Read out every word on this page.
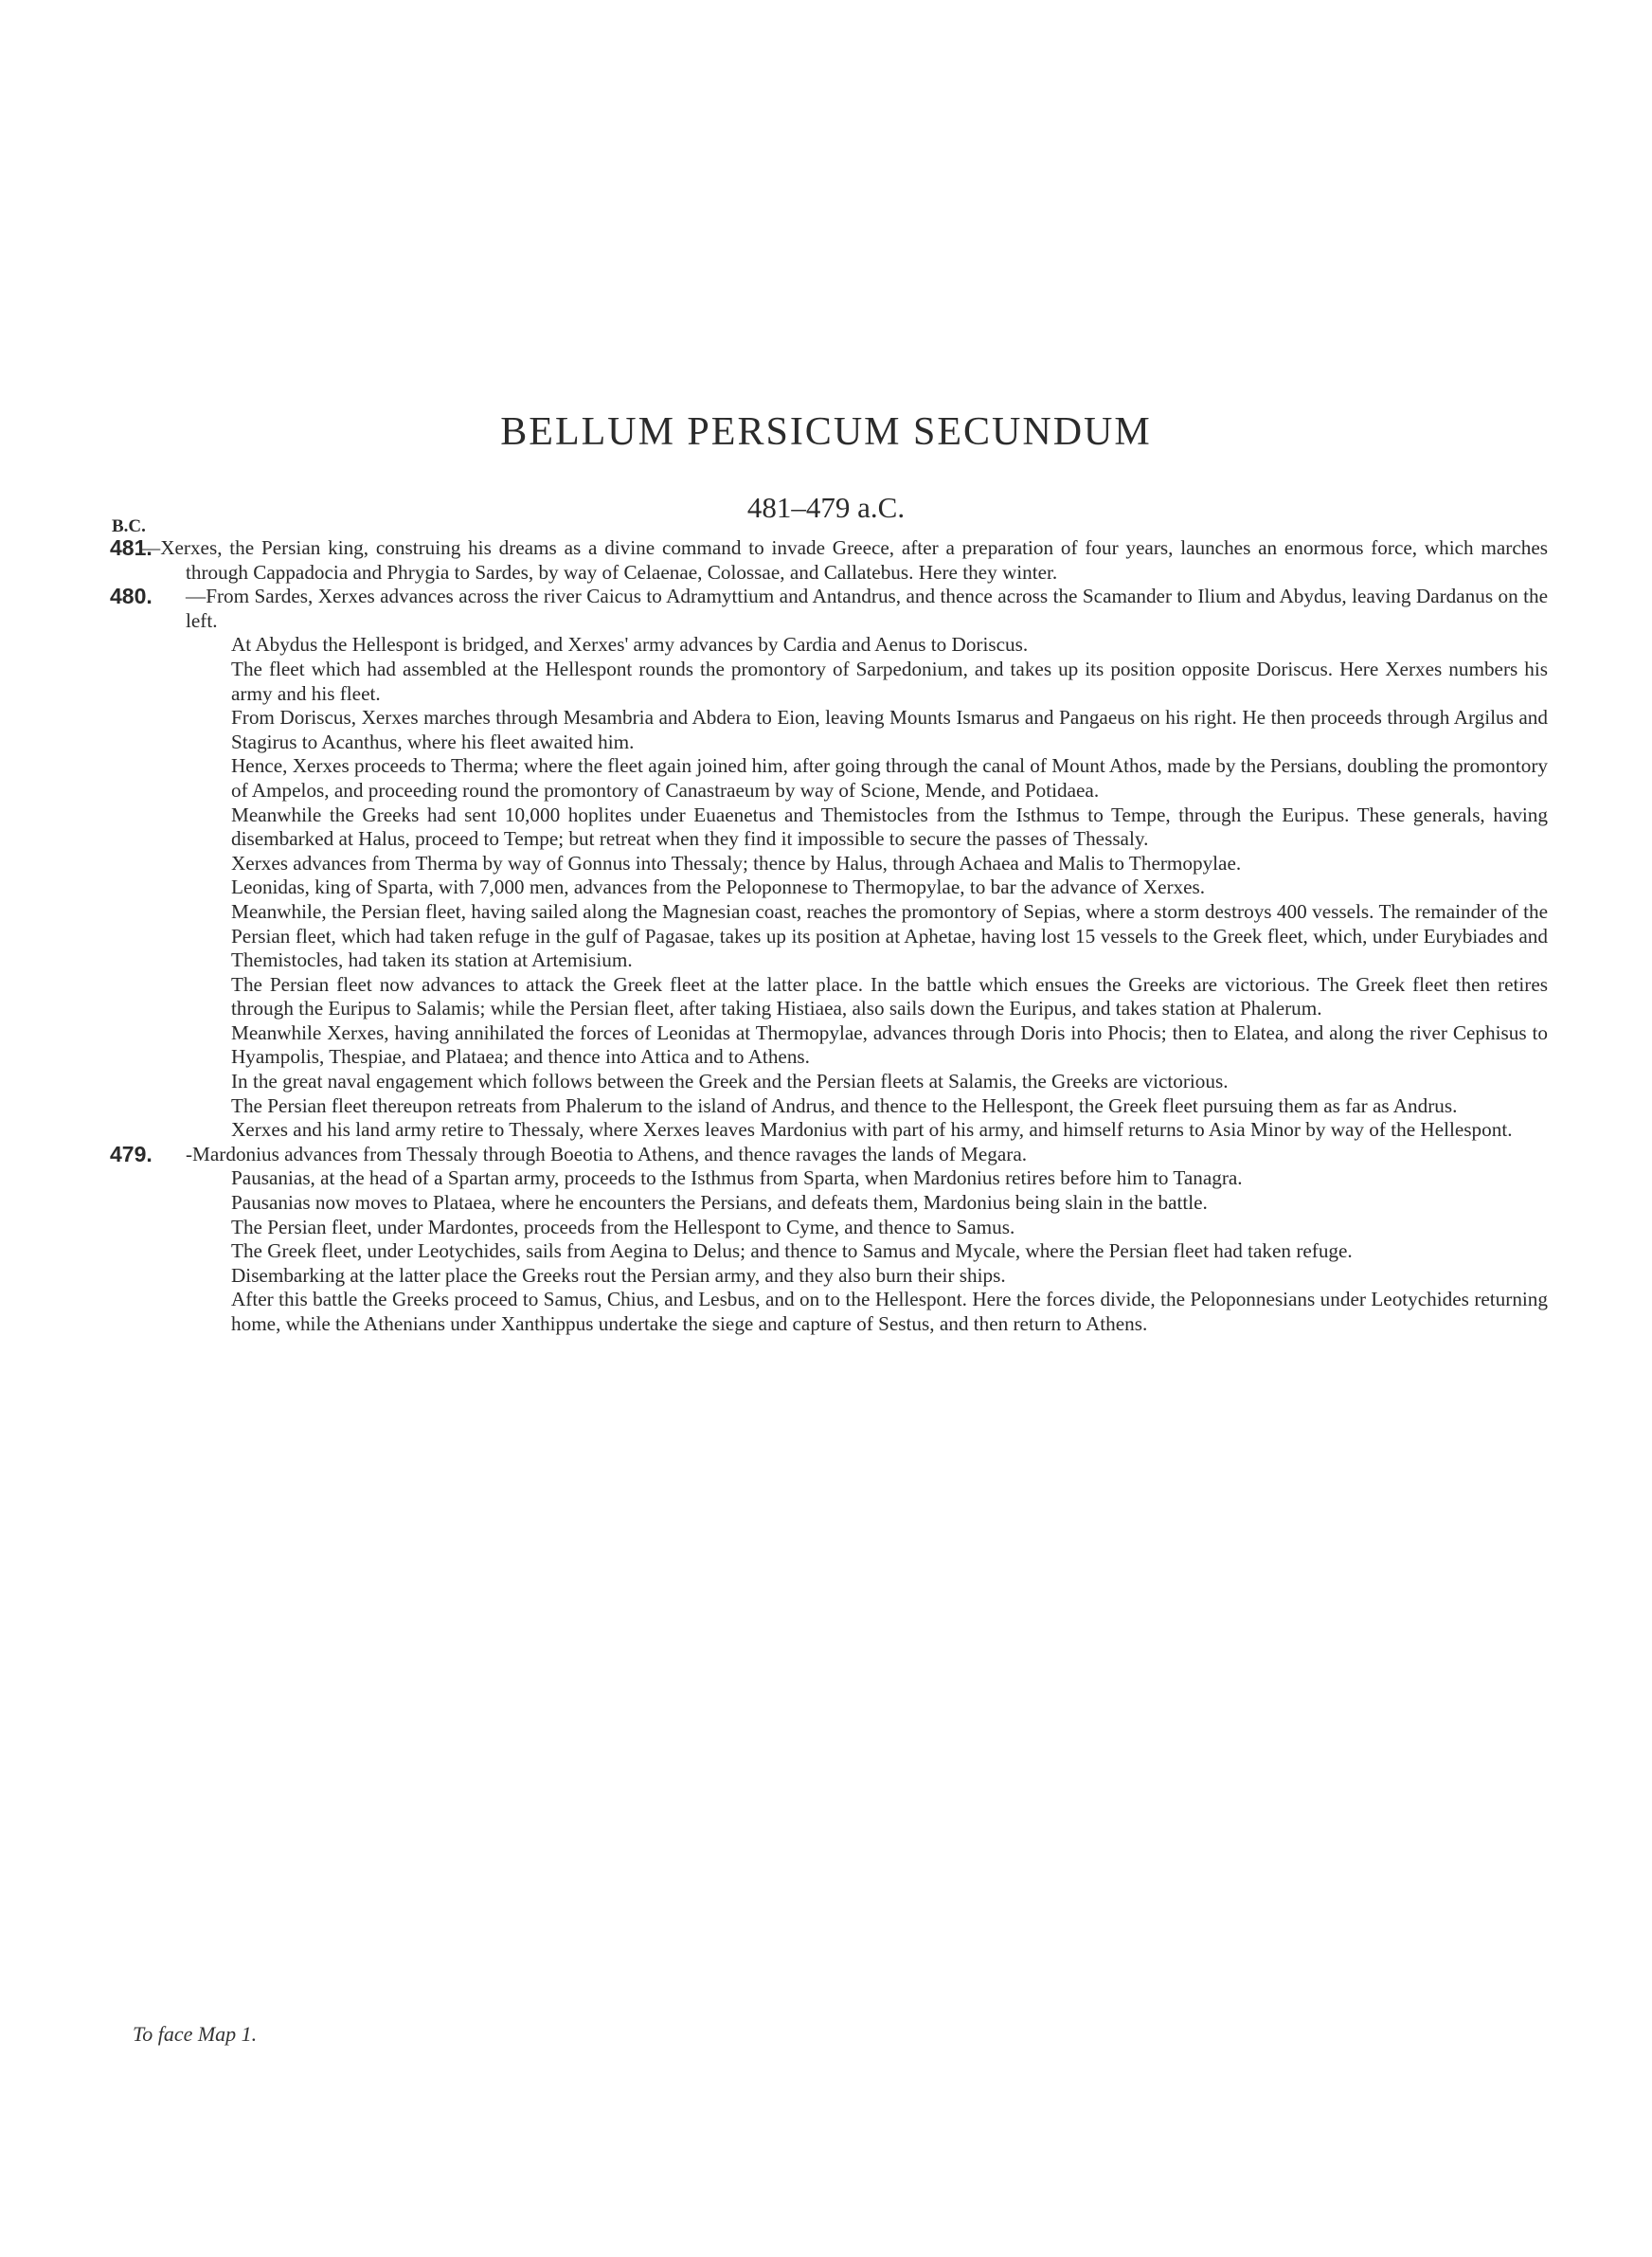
BELLUM PERSICUM SECUNDUM
481–479 a.C.
B.C.
481.

—Xerxes, the Persian king, construing his dreams as a divine command to invade Greece, after a preparation of four years, launches an enormous force, which marches through Cappadocia and Phrygia to Sardes, by way of Celaenae, Colossae, and Callatebus. Here they winter.

480. —From Sardes, Xerxes advances across the river Caicus to Adramyttium and Antandrus, and thence across the Scamander to Ilium and Abydus, leaving Dardanus on the left.

At Abydus the Hellespont is bridged, and Xerxes' army advances by Cardia and Aenus to Doriscus.

The fleet which had assembled at the Hellespont rounds the promontory of Sarpedonium, and takes up its position opposite Doriscus. Here Xerxes numbers his army and his fleet.

From Doriscus, Xerxes marches through Mesambria and Abdera to Eion, leaving Mounts Ismarus and Pangaeus on his right. He then proceeds through Argilus and Stagirus to Acanthus, where his fleet awaited him.

Hence, Xerxes proceeds to Therma; where the fleet again joined him, after going through the canal of Mount Athos, made by the Persians, doubling the promontory of Ampelos, and proceeding round the promontory of Canastraeum by way of Scione, Mende, and Potidaea.

Meanwhile the Greeks had sent 10,000 hoplites under Euaenetus and Themistocles from the Isthmus to Tempe, through the Euripus. These generals, having disembarked at Halus, proceed to Tempe; but retreat when they find it impossible to secure the passes of Thessaly.

Xerxes advances from Therma by way of Gonnus into Thessaly; thence by Halus, through Achaea and Malis to Thermopylae.

Leonidas, king of Sparta, with 7,000 men, advances from the Peloponnese to Thermopylae, to bar the advance of Xerxes.

Meanwhile, the Persian fleet, having sailed along the Magnesian coast, reaches the promontory of Sepias, where a storm destroys 400 vessels. The remainder of the Persian fleet, which had taken refuge in the gulf of Pagasae, takes up its position at Aphetae, having lost 15 vessels to the Greek fleet, which, under Eurybiades and Themistocles, had taken its station at Artemisium.

The Persian fleet now advances to attack the Greek fleet at the latter place. In the battle which ensues the Greeks are victorious. The Greek fleet then retires through the Euripus to Salamis; while the Persian fleet, after taking Histiaea, also sails down the Euripus, and takes station at Phalerum.

Meanwhile Xerxes, having annihilated the forces of Leonidas at Thermopylae, advances through Doris into Phocis; then to Elatea, and along the river Cephisus to Hyampolis, Thespiae, and Plataea; and thence into Attica and to Athens.

In the great naval engagement which follows between the Greek and the Persian fleets at Salamis, the Greeks are victorious.

The Persian fleet thereupon retreats from Phalerum to the island of Andrus, and thence to the Hellespont, the Greek fleet pursuing them as far as Andrus.

Xerxes and his land army retire to Thessaly, where Xerxes leaves Mardonius with part of his army, and himself returns to Asia Minor by way of the Hellespont.

479. -Mardonius advances from Thessaly through Boeotia to Athens, and thence ravages the lands of Megara.

Pausanias, at the head of a Spartan army, proceeds to the Isthmus from Sparta, when Mardonius retires before him to Tanagra.

Pausanias now moves to Plataea, where he encounters the Persians, and defeats them, Mardonius being slain in the battle.

The Persian fleet, under Mardontes, proceeds from the Hellespont to Cyme, and thence to Samus.

The Greek fleet, under Leotychides, sails from Aegina to Delus; and thence to Samus and Mycale, where the Persian fleet had taken refuge.

Disembarking at the latter place the Greeks rout the Persian army, and they also burn their ships.

After this battle the Greeks proceed to Samus, Chius, and Lesbus, and on to the Hellespont. Here the forces divide, the Peloponnesians under Leotychides returning home, while the Athenians under Xanthippus undertake the siege and capture of Sestus, and then return to Athens.

To face Map 1.
